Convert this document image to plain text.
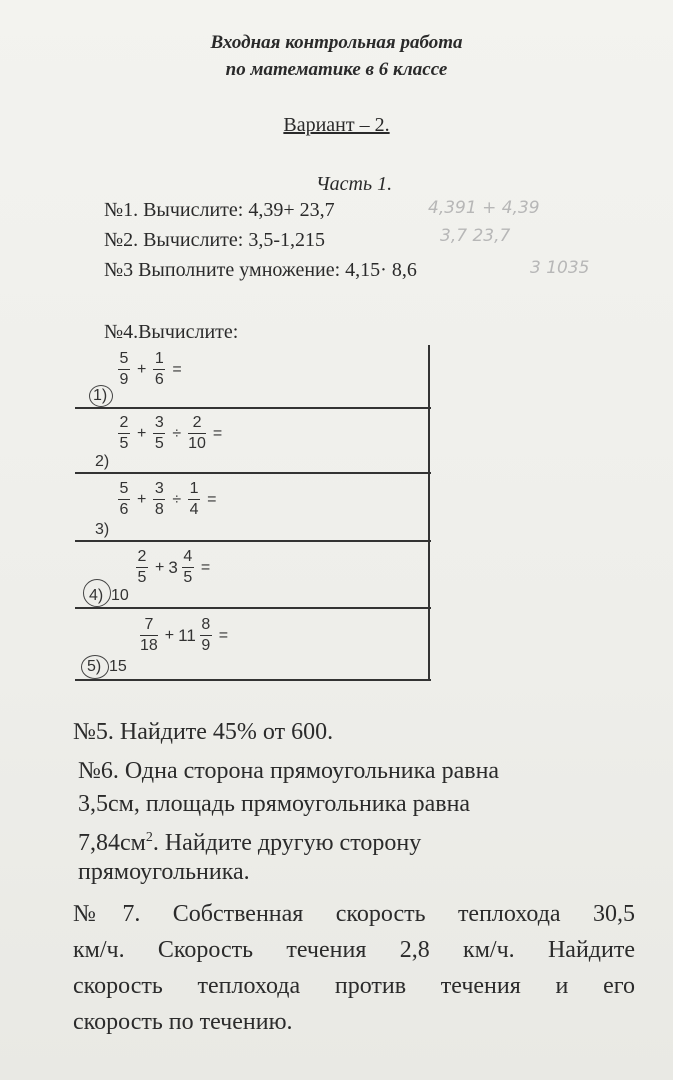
Входная контрольная работа
по математике в 6 классе
Вариант – 2.
Часть 1.
№1. Вычислите: 4,39+ 23,7
№2. Вычислите: 3,5-1,215
№3 Выполните умножение: 4,15· 8,6
4,391 + 4,39
3,7 23,7
3 1035
№4.Вычислите:
1)
$\frac{5}{9} + \frac{1}{6}$ =
2)
$\frac{2}{5} + \frac{3}{5} \div \frac{2}{10}$ =
3)
$\frac{5}{6} + \frac{3}{8} \div \frac{1}{4}$ =
4) 10
$\frac{2}{5} + 3 \frac{4}{5}$ =
5) 15
$\frac{7}{18} + 11 \frac{8}{9}$ =
№5. Найдите 45% от 600.
№6. Одна сторона прямоугольника равна
3,5см, площадь прямоугольника равна
$7,84см^2$. Найдите другую сторону
прямоугольника.
№7. Собственная скорость теплохода 30,5
км/ч. Скорость течения 2,8 км/ч. Найдите
скорость теплохода против течения и его
скорость по течению.
